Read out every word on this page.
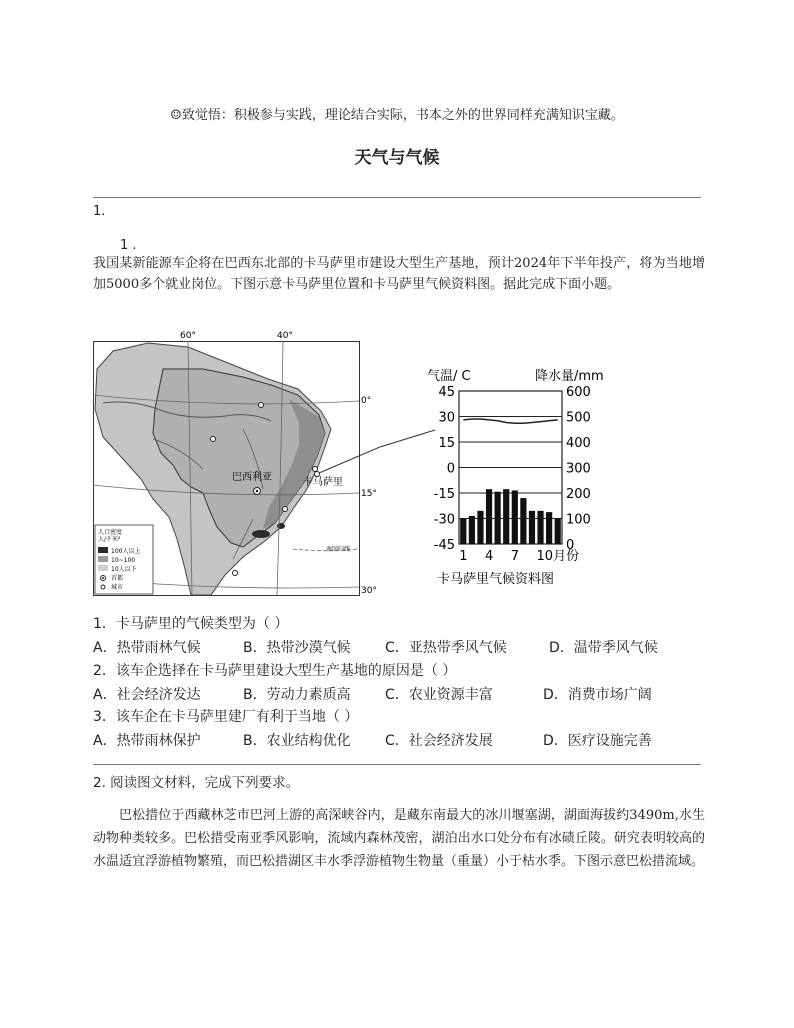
☺致觉悟：积极参与实践，理论结合实际，书本之外的世界同样充满知识宝藏。
天气与气候
1.
1 .
我国某新能源车企将在巴西东北部的卡马萨里市建设大型生产基地，预计2024年下半年投产，将为当地增加5000多个就业岗位。下图示意卡马萨里位置和卡马萨里气候资料图。据此完成下面小题。
60°	40°
0°
15°
30°
南回归线
巴西利亚	卡马萨里
人口密度
人/千米²
100人以上
10~100
10人以下
首都
城市
气温/ C	降水量/mm
45
30
15
0
-15
-30
-45
600
500
400
300
200
100
0
1 4 7 10月份
卡马萨里气候资料图
1．卡马萨里的气候类型为（ ）
A．热带雨林气候	B．热带沙漠气候 C．亚热带季风气候	D．温带季风气候
2．该车企选择在卡马萨里建设大型生产基地的原因是（ ）
A．社会经济发达	B．劳动力素质高 C．农业资源丰富	D．消费市场广阔
3．该车企在卡马萨里建厂有利于当地（ ）
A．热带雨林保护	B．农业结构优化 C．社会经济发展	D．医疗设施完善
2. 阅读图文材料，完成下列要求。
巴松措位于西藏林芝市巴河上游的高深峡谷内，是藏东南最大的冰川堰塞湖，湖面海拔约3490m,水生动物种类较多。巴松措受南亚季风影响，流域内森林茂密，湖泊出水口处分布有冰碛丘陵。研究表明较高的水温适宜浮游植物繁殖，而巴松措湖区丰水季浮游植物生物量（重量）小于枯水季。下图示意巴松措流域。
